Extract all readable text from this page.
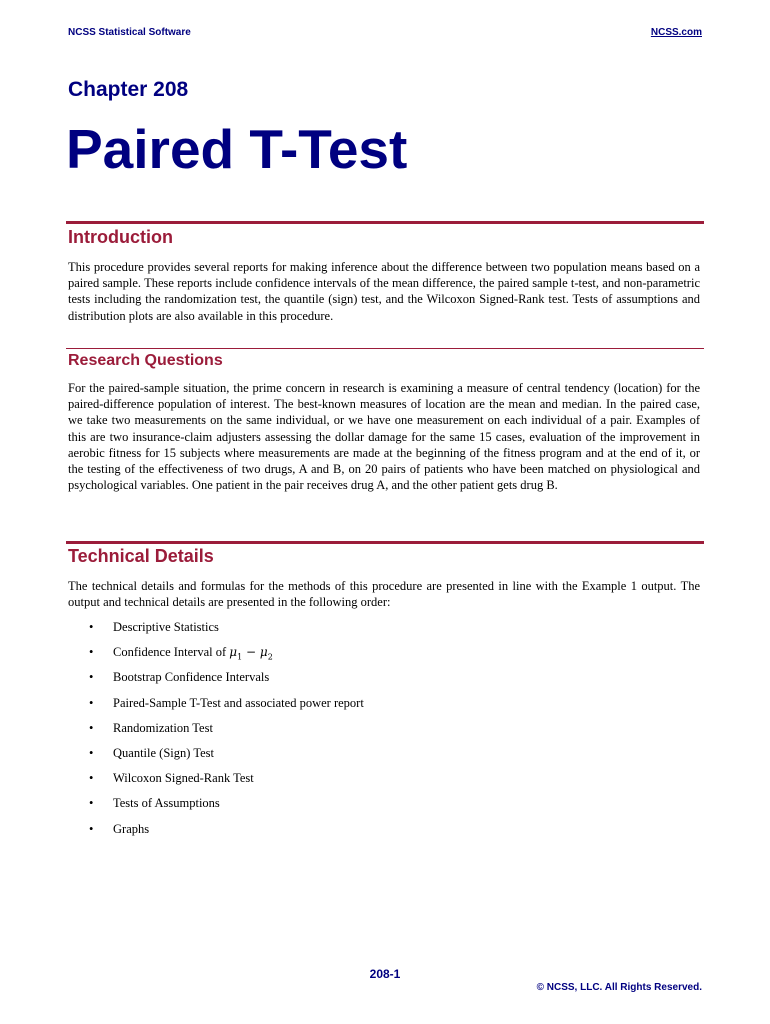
NCSS Statistical Software	NCSS.com
Chapter 208
Paired T-Test
Introduction
This procedure provides several reports for making inference about the difference between two population means based on a paired sample. These reports include confidence intervals of the mean difference, the paired sample t-test, and non-parametric tests including the randomization test, the quantile (sign) test, and the Wilcoxon Signed-Rank test. Tests of assumptions and distribution plots are also available in this procedure.
Research Questions
For the paired-sample situation, the prime concern in research is examining a measure of central tendency (location) for the paired-difference population of interest. The best-known measures of location are the mean and median. In the paired case, we take two measurements on the same individual, or we have one measurement on each individual of a pair. Examples of this are two insurance-claim adjusters assessing the dollar damage for the same 15 cases, evaluation of the improvement in aerobic fitness for 15 subjects where measurements are made at the beginning of the fitness program and at the end of it, or the testing of the effectiveness of two drugs, A and B, on 20 pairs of patients who have been matched on physiological and psychological variables. One patient in the pair receives drug A, and the other patient gets drug B.
Technical Details
The technical details and formulas for the methods of this procedure are presented in line with the Example 1 output. The output and technical details are presented in the following order:
• Descriptive Statistics
• Confidence Interval of $\mu_1 - \mu_2$
• Bootstrap Confidence Intervals
• Paired-Sample T-Test and associated power report
• Randomization Test
• Quantile (Sign) Test
• Wilcoxon Signed-Rank Test
• Tests of Assumptions
• Graphs
208-1
© NCSS, LLC. All Rights Reserved.
